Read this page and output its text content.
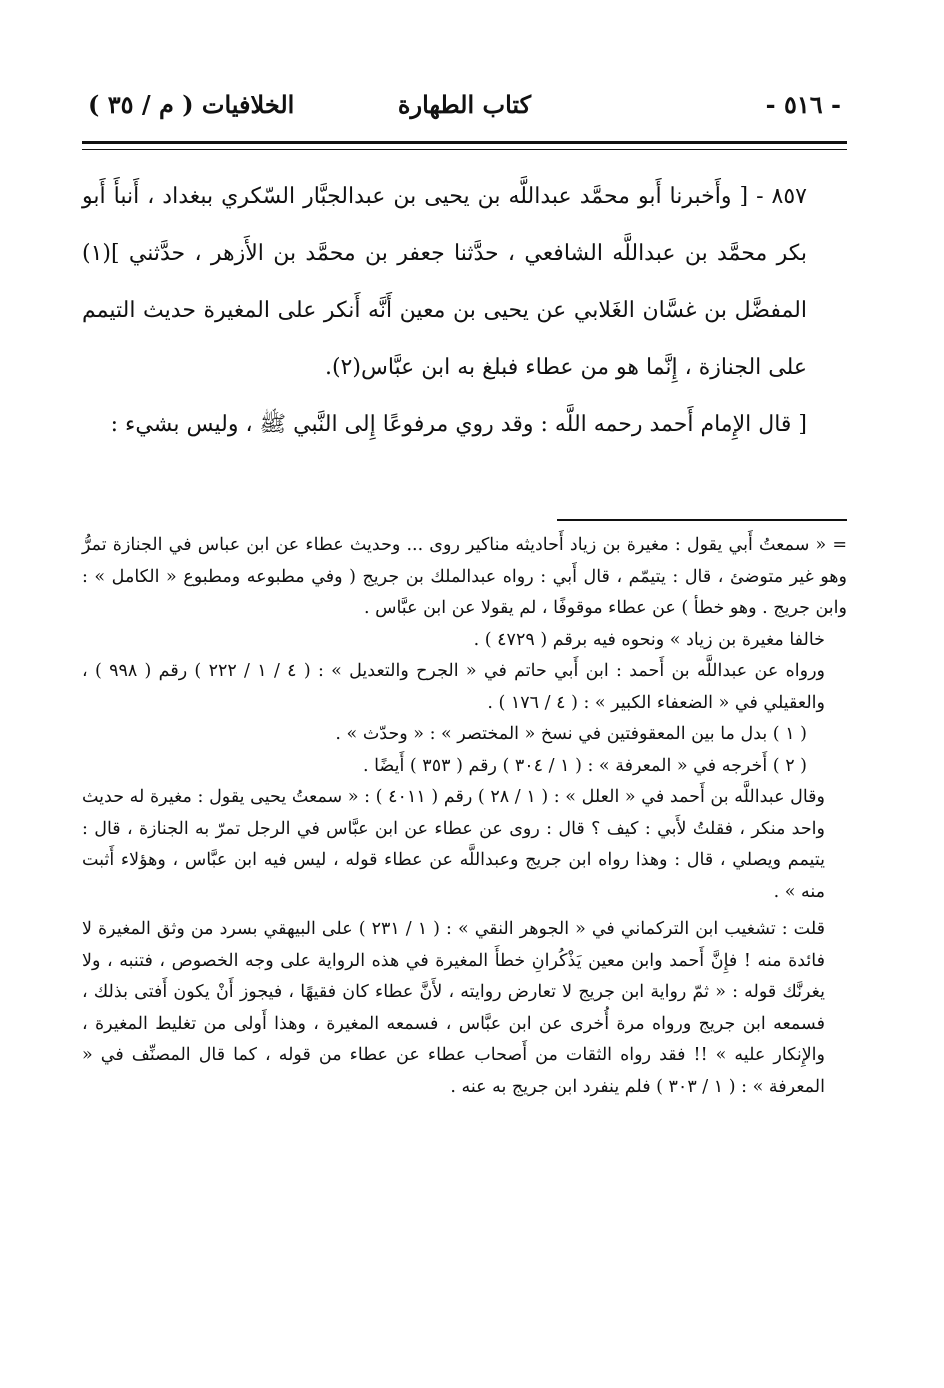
- ٥١٦ -
كتاب الطهارة
الخلافيات ( م / ٣٥ )

٨٥٧ - [ وأَخبرنا أَبو محمَّد عبداللَّه بن يحيى بن عبدالجبَّار السّكري ببغداد ، أَنبأَ أَبو بكر محمَّد بن عبداللَّه الشافعي ، حدَّثنا جعفر بن محمَّد بن الأَزهر ، حدَّثني ](١) المفضَّل بن غسَّان الغَلابي عن يحيى بن معين أَنَّه أَنكر على المغيرة حديث التيمم على الجنازة ، إِنَّما هو من عطاء فبلغ به ابن عبَّاس(٢).

[ قال الإِمام أَحمد رحمه اللَّه : وقد روي مرفوعًا إِلى النَّبي ﷺ ، وليس بشيء :

= « سمعتُ أَبي يقول : مغيرة بن زياد أَحاديثه مناكير روى ... وحديث عطاء عن ابن عباس في الجنازة تمرُّ وهو غير متوضئ ، قال : يتيمّم ، قال أَبي : رواه عبدالملك بن جريج ( وفي مطبوعه ومطبوع « الكامل » : وابن جريج . وهو خطأ ) عن عطاء موقوفًا ، لم يقولا عن ابن عبَّاس .

خالفا مغيرة بن زياد » ونحوه فيه برقم ( ٤٧٢٩ ) .

ورواه عن عبداللَّه بن أَحمد : ابن أَبي حاتم في « الجرح والتعديل » : ( ٤ / ١ / ٢٢٢ ) رقم ( ٩٩٨ ) ، والعقيلي في « الضعفاء الكبير » : ( ٤ / ١٧٦ ) .

( ١ ) بدل ما بين المعقوفتين في نسخ « المختصر » : « وحدّث » .

( ٢ ) أَخرجه في « المعرفة » : ( ١ / ٣٠٤ ) رقم ( ٣٥٣ ) أَيضًا .

وقال عبداللَّه بن أَحمد في « العلل » : ( ١ / ٢٨ ) رقم ( ٤٠١١ ) : « سمعتُ يحيى يقول : مغيرة له حديث واحد منكر ، فقلتُ لأَبي : كيف ؟ قال : روى عن عطاء عن ابن عبَّاس في الرجل تمرّ به الجنازة ، قال : يتيمم ويصلي ، قال : وهذا رواه ابن جريج وعبداللَّه عن عطاء قوله ، ليس فيه ابن عبَّاس ، وهؤلاء أَثبت منه » .

قلت : تشغيب ابن التركماني في « الجوهر النقي » : ( ١ / ٢٣١ ) على البيهقي بسرد من وثق المغيرة لا فائدة منه ! فإِنَّ أَحمد وابن معين يَذْكُرانِ خطأَ المغيرة في هذه الرواية على وجه الخصوص ، فتنبه ، ولا يغرنَّك قوله : « ثمّ رواية ابن جريج لا تعارض روايته ، لأَنَّ عطاء كان فقيهًا ، فيجوز أَنْ يكون أَفتى بذلك ، فسمعه ابن جريج ورواه مرة أُخرى عن ابن عبَّاس ، فسمعه المغيرة ، وهذا أَولى من تغليط المغيرة ، والإِنكار عليه » !! فقد رواه الثقات من أَصحاب عطاء عن عطاء من قوله ، كما قال المصنِّف في « المعرفة » : ( ١ / ٣٠٣ ) فلم ينفرد ابن جريج به عنه .
